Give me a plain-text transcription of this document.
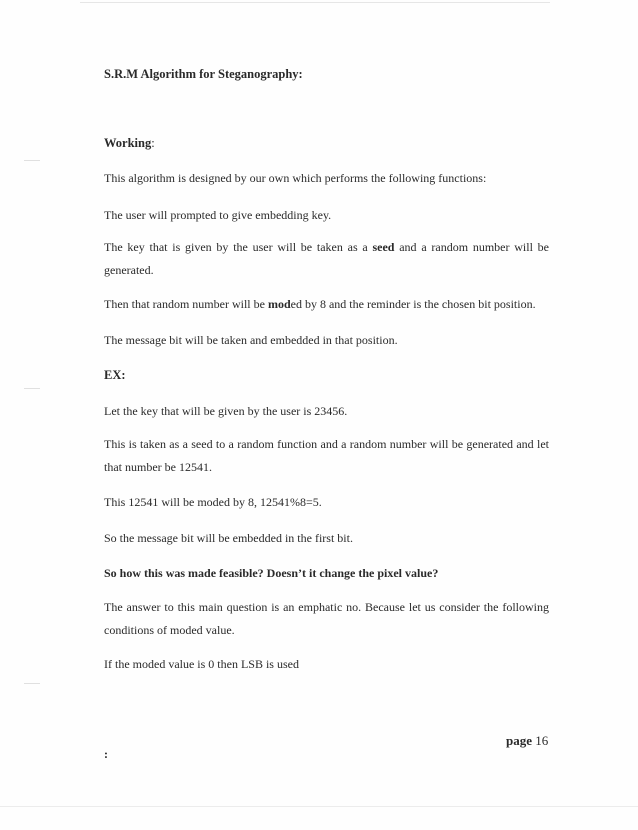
S.R.M Algorithm for Steganography:
Working:
This algorithm is designed by our own which performs the following functions:
The user will prompted to give embedding key.
The key that is given by the user will be taken as a seed and a random number will be generated.
Then that random number will be moded by 8 and the reminder is the chosen bit position.
The message bit will be taken and embedded in that position.
EX:
Let the key that will be given by the user is 23456.
This is taken as a seed to a random function and a random number will be generated and let that number be 12541.
This 12541 will be moded by 8, 12541%8=5.
So the message bit will be embedded in the first bit.
So how this was made feasible? Doesn’t it change the pixel value?
The answer to this main question is an emphatic no. Because let us consider the following conditions of moded value.
If the moded value is 0 then LSB is used
page 16
:
